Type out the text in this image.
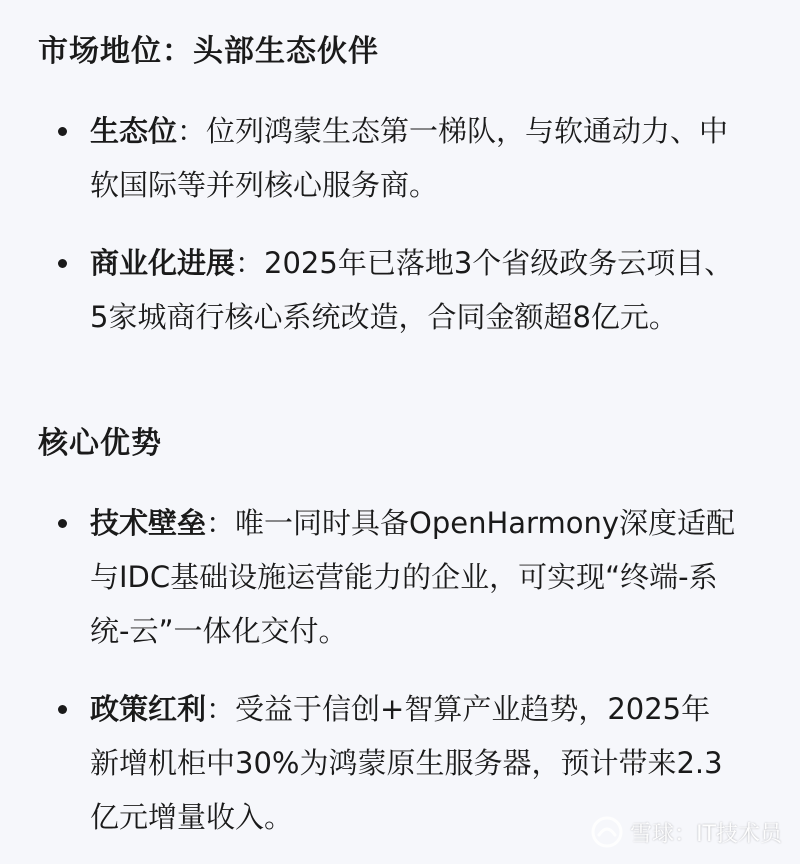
市场地位：头部生态伙伴

生态位：位列鸿蒙生态第一梯队，与软通动力、中软国际等并列核心服务商。

商业化进展：2025年已落地3个省级政务云项目、5家城商行核心系统改造，合同金额超8亿元。

核心优势

技术壁垒：唯一同时具备OpenHarmony深度适配与IDC基础设施运营能力的企业，可实现“终端-系统-云”一体化交付。

政策红利：受益于信创+智算产业趋势，2025年新增机柜中30%为鸿蒙原生服务器，预计带来2.3亿元增量收入。	雪球：IT技术员
